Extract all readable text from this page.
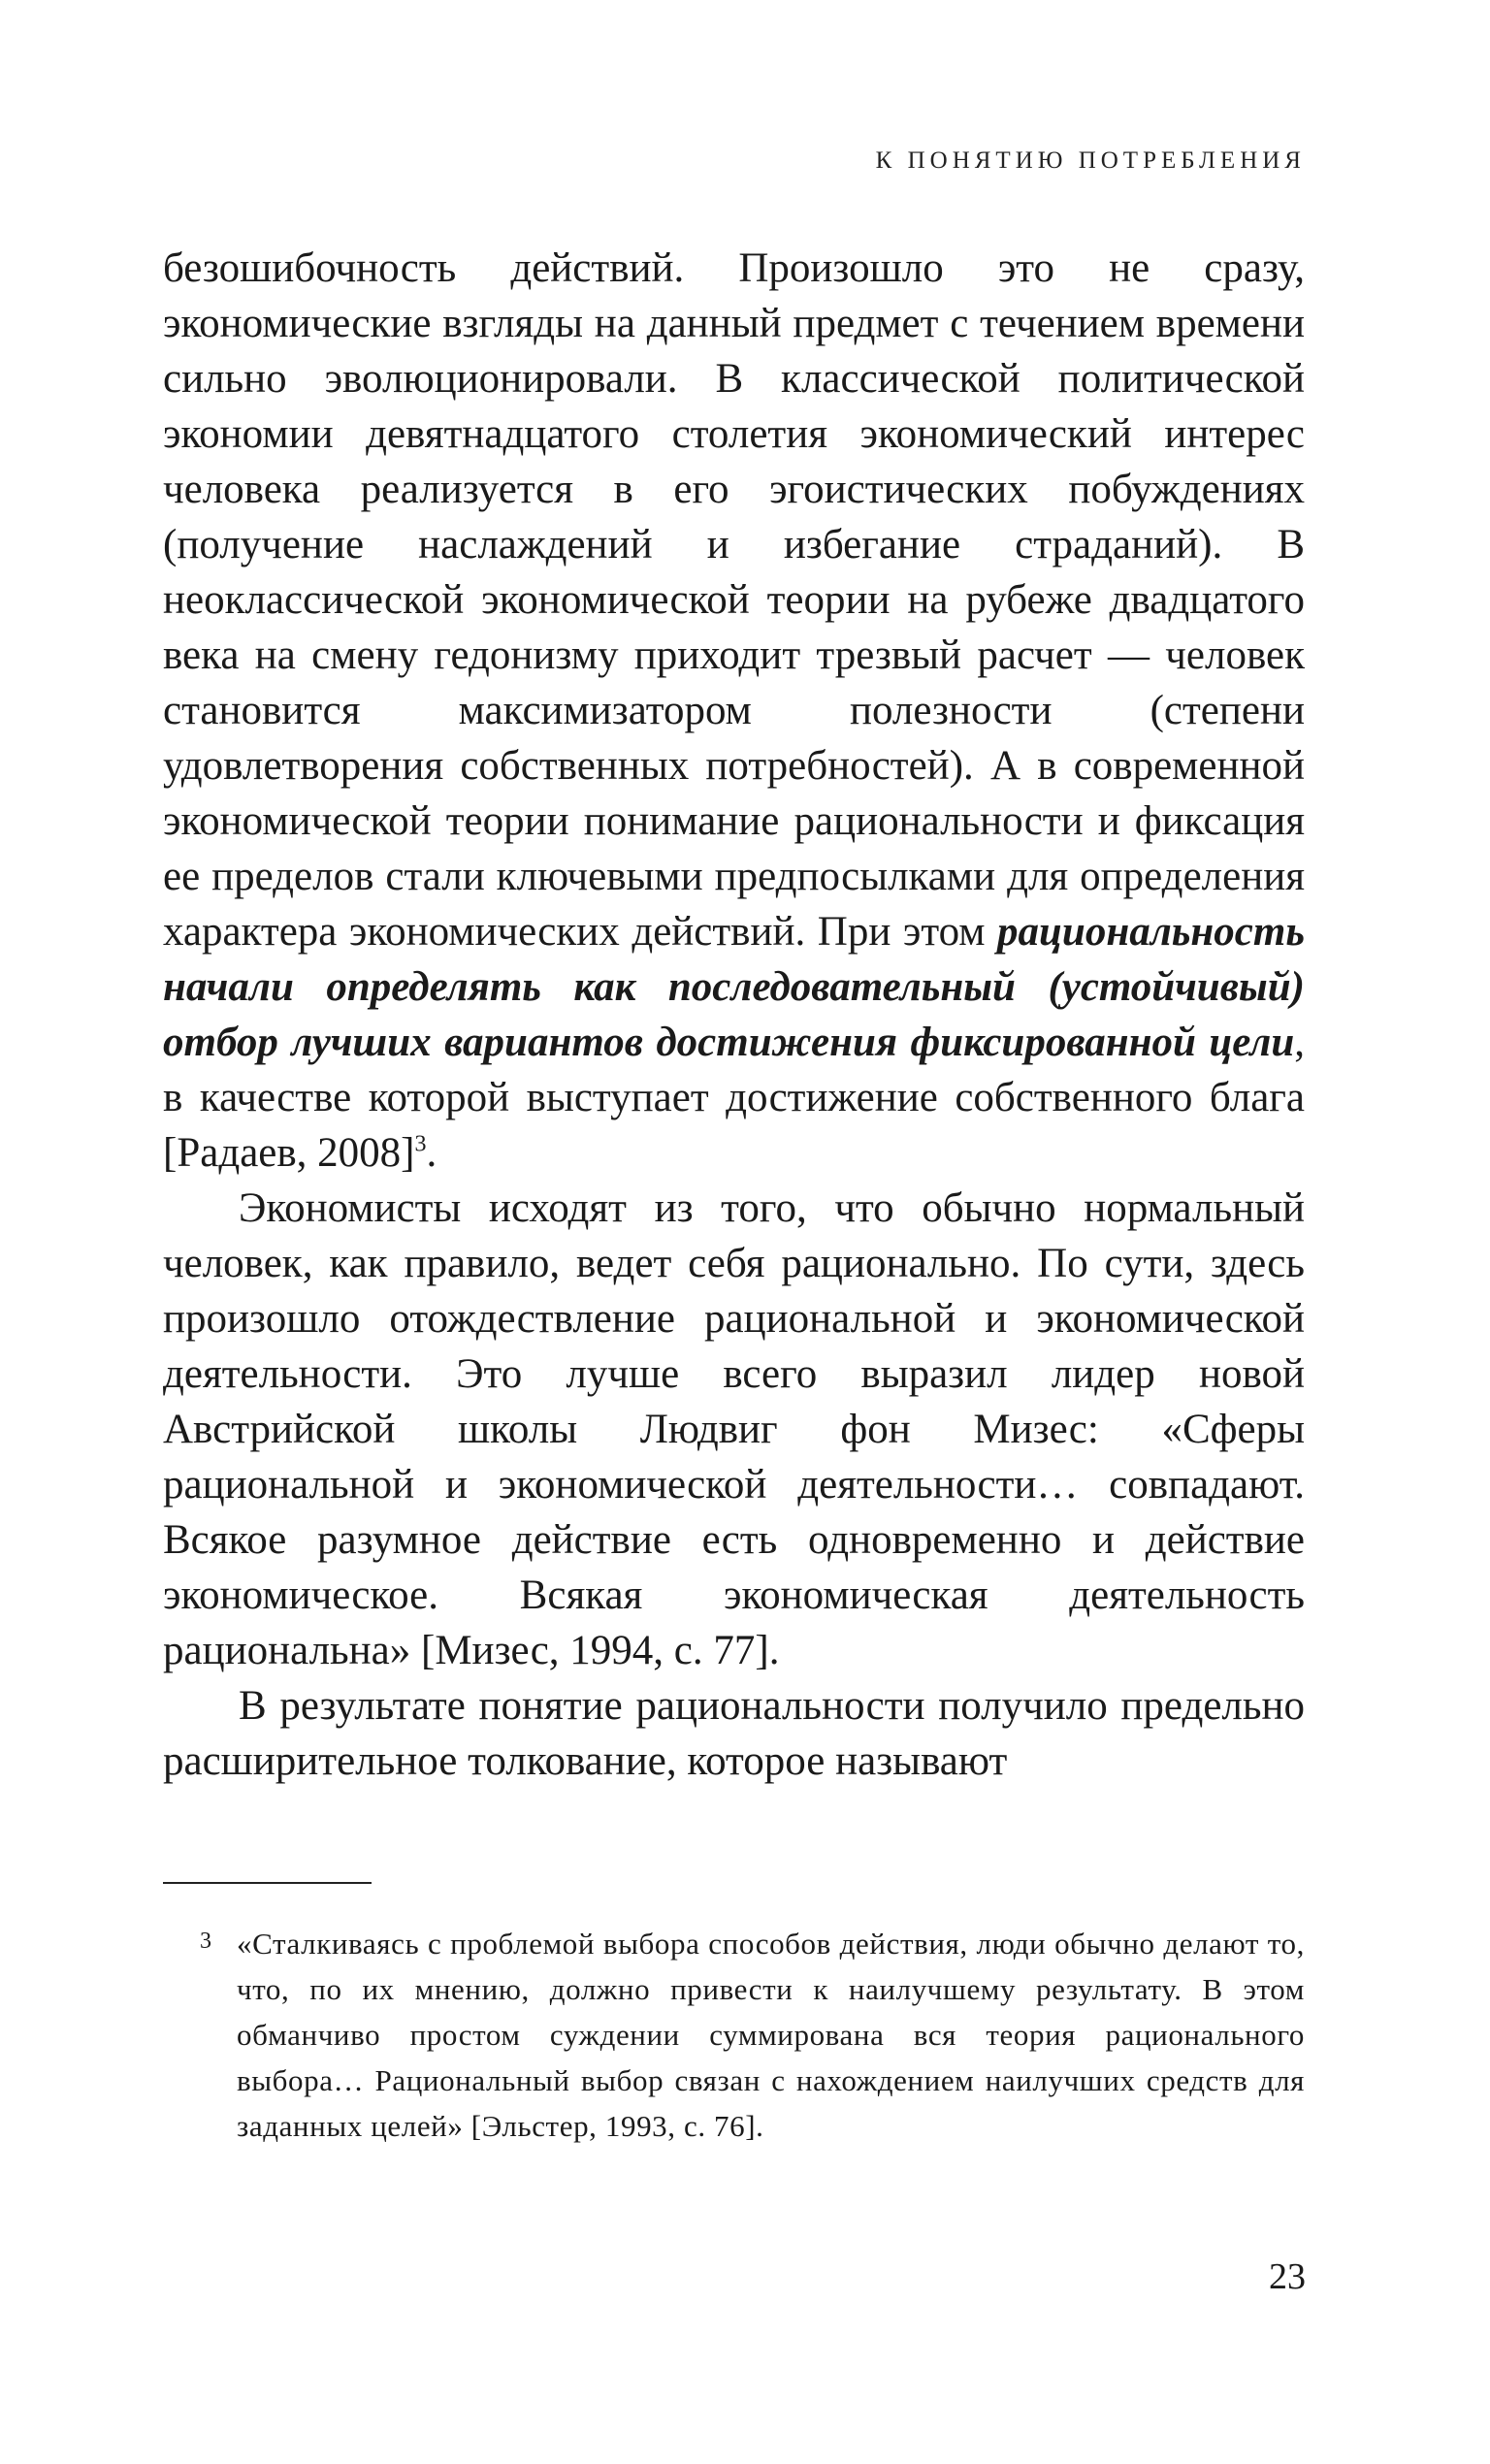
К ПОНЯТИЮ ПОТРЕБЛЕНИЯ

безошибочность действий. Произошло это не сразу, экономические взгляды на данный предмет с течением времени сильно эволюционировали. В классической политической экономии девятнадцатого столетия экономический интерес человека реализуется в его эгоистических побуждениях (получение наслаждений и избегание страданий). В неоклассической экономической теории на рубеже двадцатого века на смену гедонизму приходит трезвый расчет — человек становится максимизатором полезности (степени удовлетворения собственных потребностей). А в современной экономической теории понимание рациональности и фиксация ее пределов стали ключевыми предпосылками для определения характера экономических действий. При этом рациональность начали определять как последовательный (устойчивый) отбор лучших вариантов достижения фиксированной цели, в качестве которой выступает достижение собственного блага [Радаев, 2008]$^3$.

Экономисты исходят из того, что обычно нормальный человек, как правило, ведет себя рационально. По сути, здесь произошло отождествление рациональной и экономической деятельности. Это лучше всего выразил лидер новой Австрийской школы Людвиг фон Мизес: «Сферы рациональной и экономической деятельности… совпадают. Всякое разумное действие есть одновременно и действие экономическое. Всякая экономическая деятельность рациональна» [Мизес, 1994, с. 77].

В результате понятие рациональности получило предельно расширительное толкование, которое называют

3 «Сталкиваясь с проблемой выбора способов действия, люди обычно делают то, что, по их мнению, должно привести к наилучшему результату. В этом обманчиво простом суждении суммирована вся теория рационального выбора… Рациональный выбор связан с нахождением наилучших средств для заданных целей» [Эльстер, 1993, с. 76].
23
